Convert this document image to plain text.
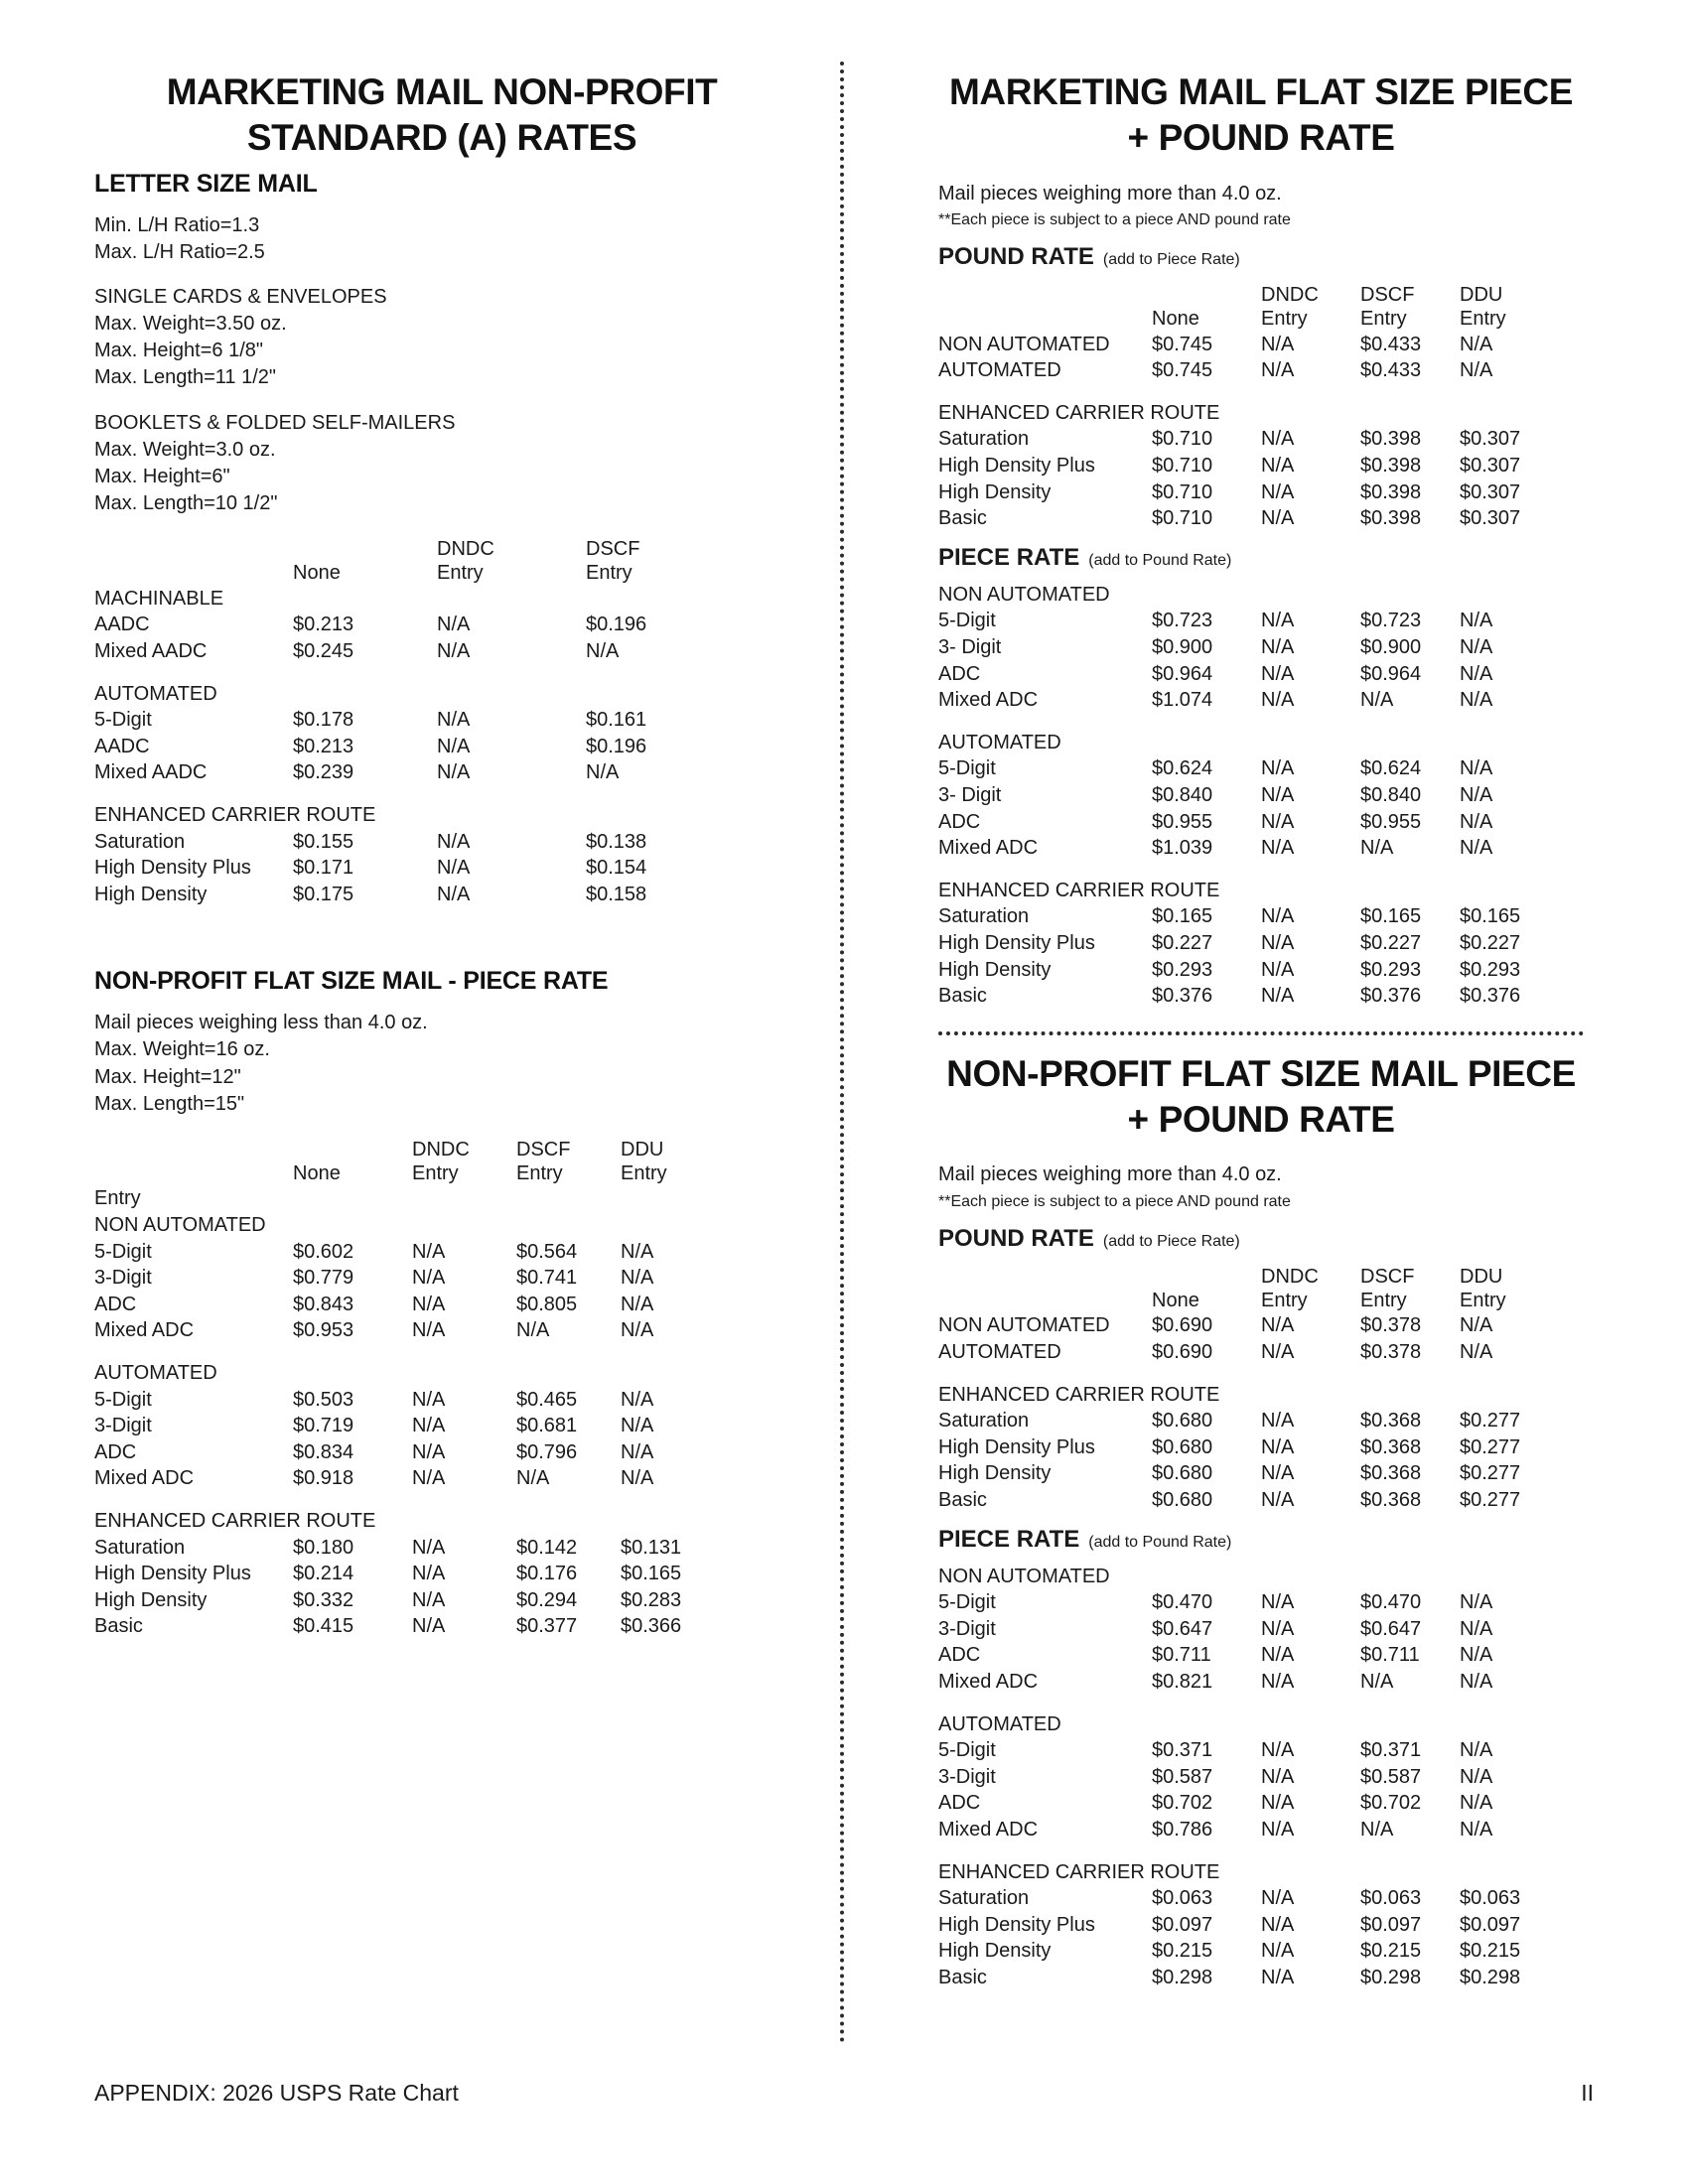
MARKETING MAIL NON-PROFIT STANDARD (A) RATES
LETTER SIZE MAIL
Min. L/H Ratio=1.3
Max. L/H Ratio=2.5
SINGLE CARDS & ENVELOPES
Max. Weight=3.50 oz.
Max. Height=6 1/8"
Max. Length=11 1/2"
BOOKLETS & FOLDED SELF-MAILERS
Max. Weight=3.0 oz.
Max. Height=6"
Max. Length=10 1/2"
		DNDC	DSCF
	None	Entry	Entry
MACHINABLE			
AADC	$0.213	N/A	$0.196
Mixed AADC	$0.245	N/A	N/A

AUTOMATED			
5-Digit	$0.178	N/A	$0.161
AADC	$0.213	N/A	$0.196
Mixed AADC	$0.239	N/A	N/A

ENHANCED CARRIER ROUTE			
Saturation	$0.155	N/A	$0.138
High Density Plus	$0.171	N/A	$0.154
High Density	$0.175	N/A	$0.158
NON-PROFIT FLAT SIZE MAIL - PIECE RATE
Mail pieces weighing less than 4.0 oz.
Max. Weight=16 oz.
Max. Height=12"
Max. Length=15"
		DNDC	DSCF	DDU
	None	Entry	Entry	Entry
Entry				
NON AUTOMATED				
5-Digit	$0.602	N/A	$0.564	N/A
3-Digit	$0.779	N/A	$0.741	N/A
ADC	$0.843	N/A	$0.805	N/A
Mixed ADC	$0.953	N/A	N/A	N/A

AUTOMATED				
5-Digit	$0.503	N/A	$0.465	N/A
3-Digit	$0.719	N/A	$0.681	N/A
ADC	$0.834	N/A	$0.796	N/A
Mixed ADC	$0.918	N/A	N/A	N/A

ENHANCED CARRIER ROUTE				
Saturation	$0.180	N/A	$0.142	$0.131
High Density Plus	$0.214	N/A	$0.176	$0.165
High Density	$0.332	N/A	$0.294	$0.283
Basic	$0.415	N/A	$0.377	$0.366
MARKETING MAIL FLAT SIZE PIECE + POUND RATE
Mail pieces weighing more than 4.0 oz.
**Each piece is subject to a piece AND pound rate
POUND RATE (add to Piece Rate)
		DNDC	DSCF	DDU
	None	Entry	Entry	Entry
NON AUTOMATED	$0.745	N/A	$0.433	N/A
AUTOMATED	$0.745	N/A	$0.433	N/A

ENHANCED CARRIER ROUTE				
Saturation	$0.710	N/A	$0.398	$0.307
High Density Plus	$0.710	N/A	$0.398	$0.307
High Density	$0.710	N/A	$0.398	$0.307
Basic	$0.710	N/A	$0.398	$0.307
PIECE RATE (add to Pound Rate)
NON AUTOMATED				
5-Digit	$0.723	N/A	$0.723	N/A
3- Digit	$0.900	N/A	$0.900	N/A
ADC	$0.964	N/A	$0.964	N/A
Mixed ADC	$1.074	N/A	N/A	N/A

AUTOMATED				
5-Digit	$0.624	N/A	$0.624	N/A
3- Digit	$0.840	N/A	$0.840	N/A
ADC	$0.955	N/A	$0.955	N/A
Mixed ADC	$1.039	N/A	N/A	N/A

ENHANCED CARRIER ROUTE				
Saturation	$0.165	N/A	$0.165	$0.165
High Density Plus	$0.227	N/A	$0.227	$0.227
High Density	$0.293	N/A	$0.293	$0.293
Basic	$0.376	N/A	$0.376	$0.376
NON-PROFIT FLAT SIZE MAIL PIECE + POUND RATE
Mail pieces weighing more than 4.0 oz.
**Each piece is subject to a piece AND pound rate
POUND RATE (add to Piece Rate)
		DNDC	DSCF	DDU
	None	Entry	Entry	Entry
NON AUTOMATED	$0.690	N/A	$0.378	N/A
AUTOMATED	$0.690	N/A	$0.378	N/A

ENHANCED CARRIER ROUTE				
Saturation	$0.680	N/A	$0.368	$0.277
High Density Plus	$0.680	N/A	$0.368	$0.277
High Density	$0.680	N/A	$0.368	$0.277
Basic	$0.680	N/A	$0.368	$0.277
PIECE RATE (add to Pound Rate)
NON AUTOMATED				
5-Digit	$0.470	N/A	$0.470	N/A
3-Digit	$0.647	N/A	$0.647	N/A
ADC	$0.711	N/A	$0.711	N/A
Mixed ADC	$0.821	N/A	N/A	N/A

AUTOMATED				
5-Digit	$0.371	N/A	$0.371	N/A
3-Digit	$0.587	N/A	$0.587	N/A
ADC	$0.702	N/A	$0.702	N/A
Mixed ADC	$0.786	N/A	N/A	N/A

ENHANCED CARRIER ROUTE				
Saturation	$0.063	N/A	$0.063	$0.063
High Density Plus	$0.097	N/A	$0.097	$0.097
High Density	$0.215	N/A	$0.215	$0.215
Basic	$0.298	N/A	$0.298	$0.298
APPENDIX: 2026 USPS Rate Chart	II
